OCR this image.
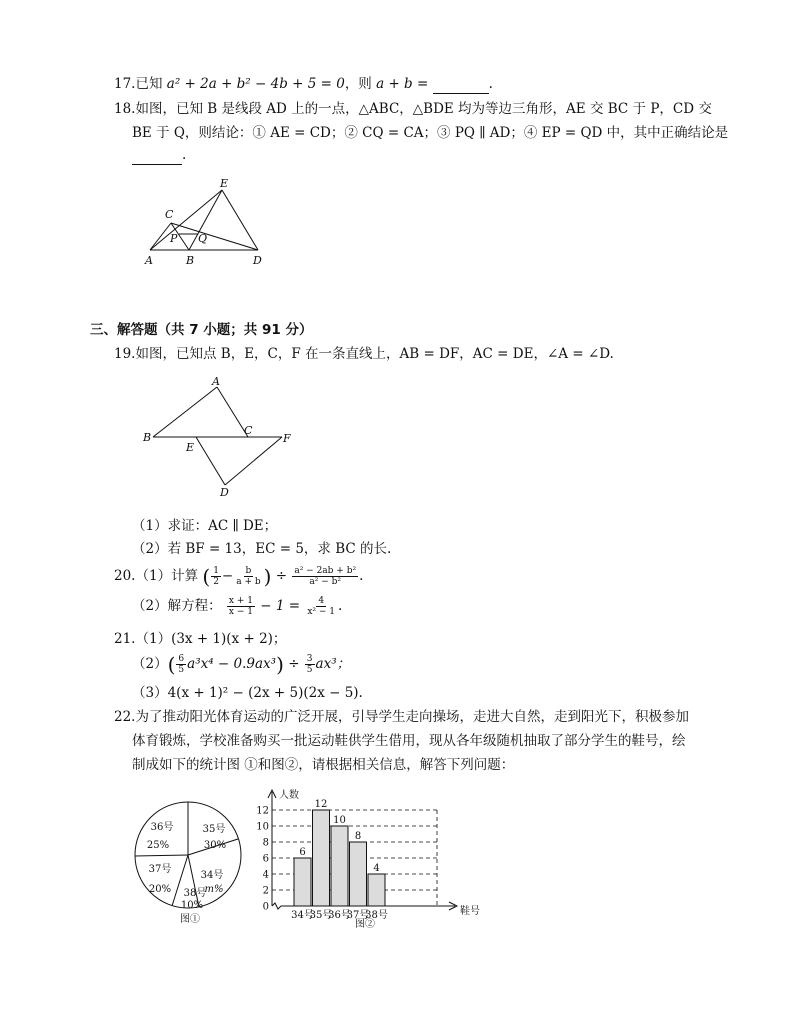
17.已知 a² + 2a + b² − 4b + 5 = 0，则 a + b =	.
18.如图，已知 B 是线段 AD 上的一点，△ABC，△BDE 均为等边三角形，AE 交 BC 于 P，CD 交
BE 于 Q，则结论：① AE = CD；② CQ = CA；③ PQ ∥ AD；④ EP = QD 中，其中正确结论是
.
C
E
P Q
A	B	D
三、解答题（共 7 小题；共 91 分）
19.如图，已知点 B，E，C，F 在一条直线上，AB = DF，AC = DE，∠A = ∠D.
A
B
C
F
E
D
（1）求证：AC ∥ DE；
（2）若 BF = 13，EC = 5，求 BC 的长.
20.（1）计算 ( $\frac{1}{2} - \frac{b}{a + b}$ ) ÷ $\frac{\text{a² − 2ab + b²}}{\text{a² − b²}}$ .
（2）解方程： $\frac{x + 1}{x - 1} - 1 = \frac{4}{\text{x² − 1}}$ .
21.（1）(3x + 1)(x + 2)；
$(2)( \frac{6}{5} a^3x^4 - 0.9ax^3) \div \frac{3}{5} ax^3$；
（3）4(x + 1)² − (2x + 5)(2x − 5).
22.为了推动阳光体育运动的广泛开展，引导学生走向操场，走进大自然，走到阳光下，积极参加
体育锻炼，学校准备购买一批运动鞋供学生借用，现从各年级随机抽取了部分学生的鞋号，绘
制成如下的统计图 ①和图②，请根据相关信息，解答下列问题：
35号
30%
34号
m%
38号
10%
37号
20%
36号
25%
图①
0
2
4
6
8
10
12
34号
35号
36号
37号
38号
6
12
10
8
4
人数
鞋号
图②
